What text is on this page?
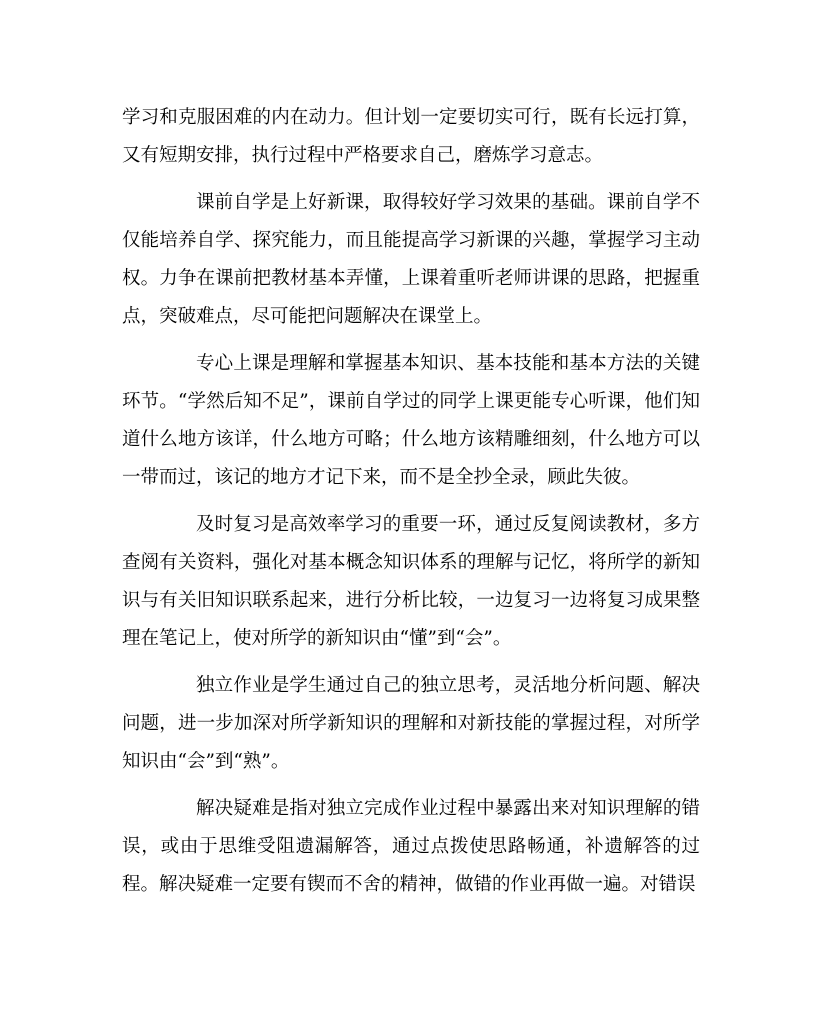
学习和克服困难的内在动力。但计划一定要切实可行，既有长远打算，又有短期安排，执行过程中严格要求自己，磨炼学习意志。

课前自学是上好新课，取得较好学习效果的基础。课前自学不仅能培养自学、探究能力，而且能提高学习新课的兴趣，掌握学习主动权。力争在课前把教材基本弄懂，上课着重听老师讲课的思路，把握重点，突破难点，尽可能把问题解决在课堂上。

专心上课是理解和掌握基本知识、基本技能和基本方法的关键环节。“学然后知不足”，课前自学过的同学上课更能专心听课，他们知道什么地方该详，什么地方可略；什么地方该精雕细刻，什么地方可以一带而过，该记的地方才记下来，而不是全抄全录，顾此失彼。

及时复习是高效率学习的重要一环，通过反复阅读教材，多方查阅有关资料，强化对基本概念知识体系的理解与记忆，将所学的新知识与有关旧知识联系起来，进行分析比较，一边复习一边将复习成果整理在笔记上，使对所学的新知识由“懂”到“会”。

独立作业是学生通过自己的独立思考，灵活地分析问题、解决问题，进一步加深对所学新知识的理解和对新技能的掌握过程，对所学知识由“会”到“熟”。

解决疑难是指对独立完成作业过程中暴露出来对知识理解的错误，或由于思维受阻遗漏解答，通过点拨使思路畅通，补遗解答的过程。解决疑难一定要有锲而不舍的精神，做错的作业再做一遍。对错误
